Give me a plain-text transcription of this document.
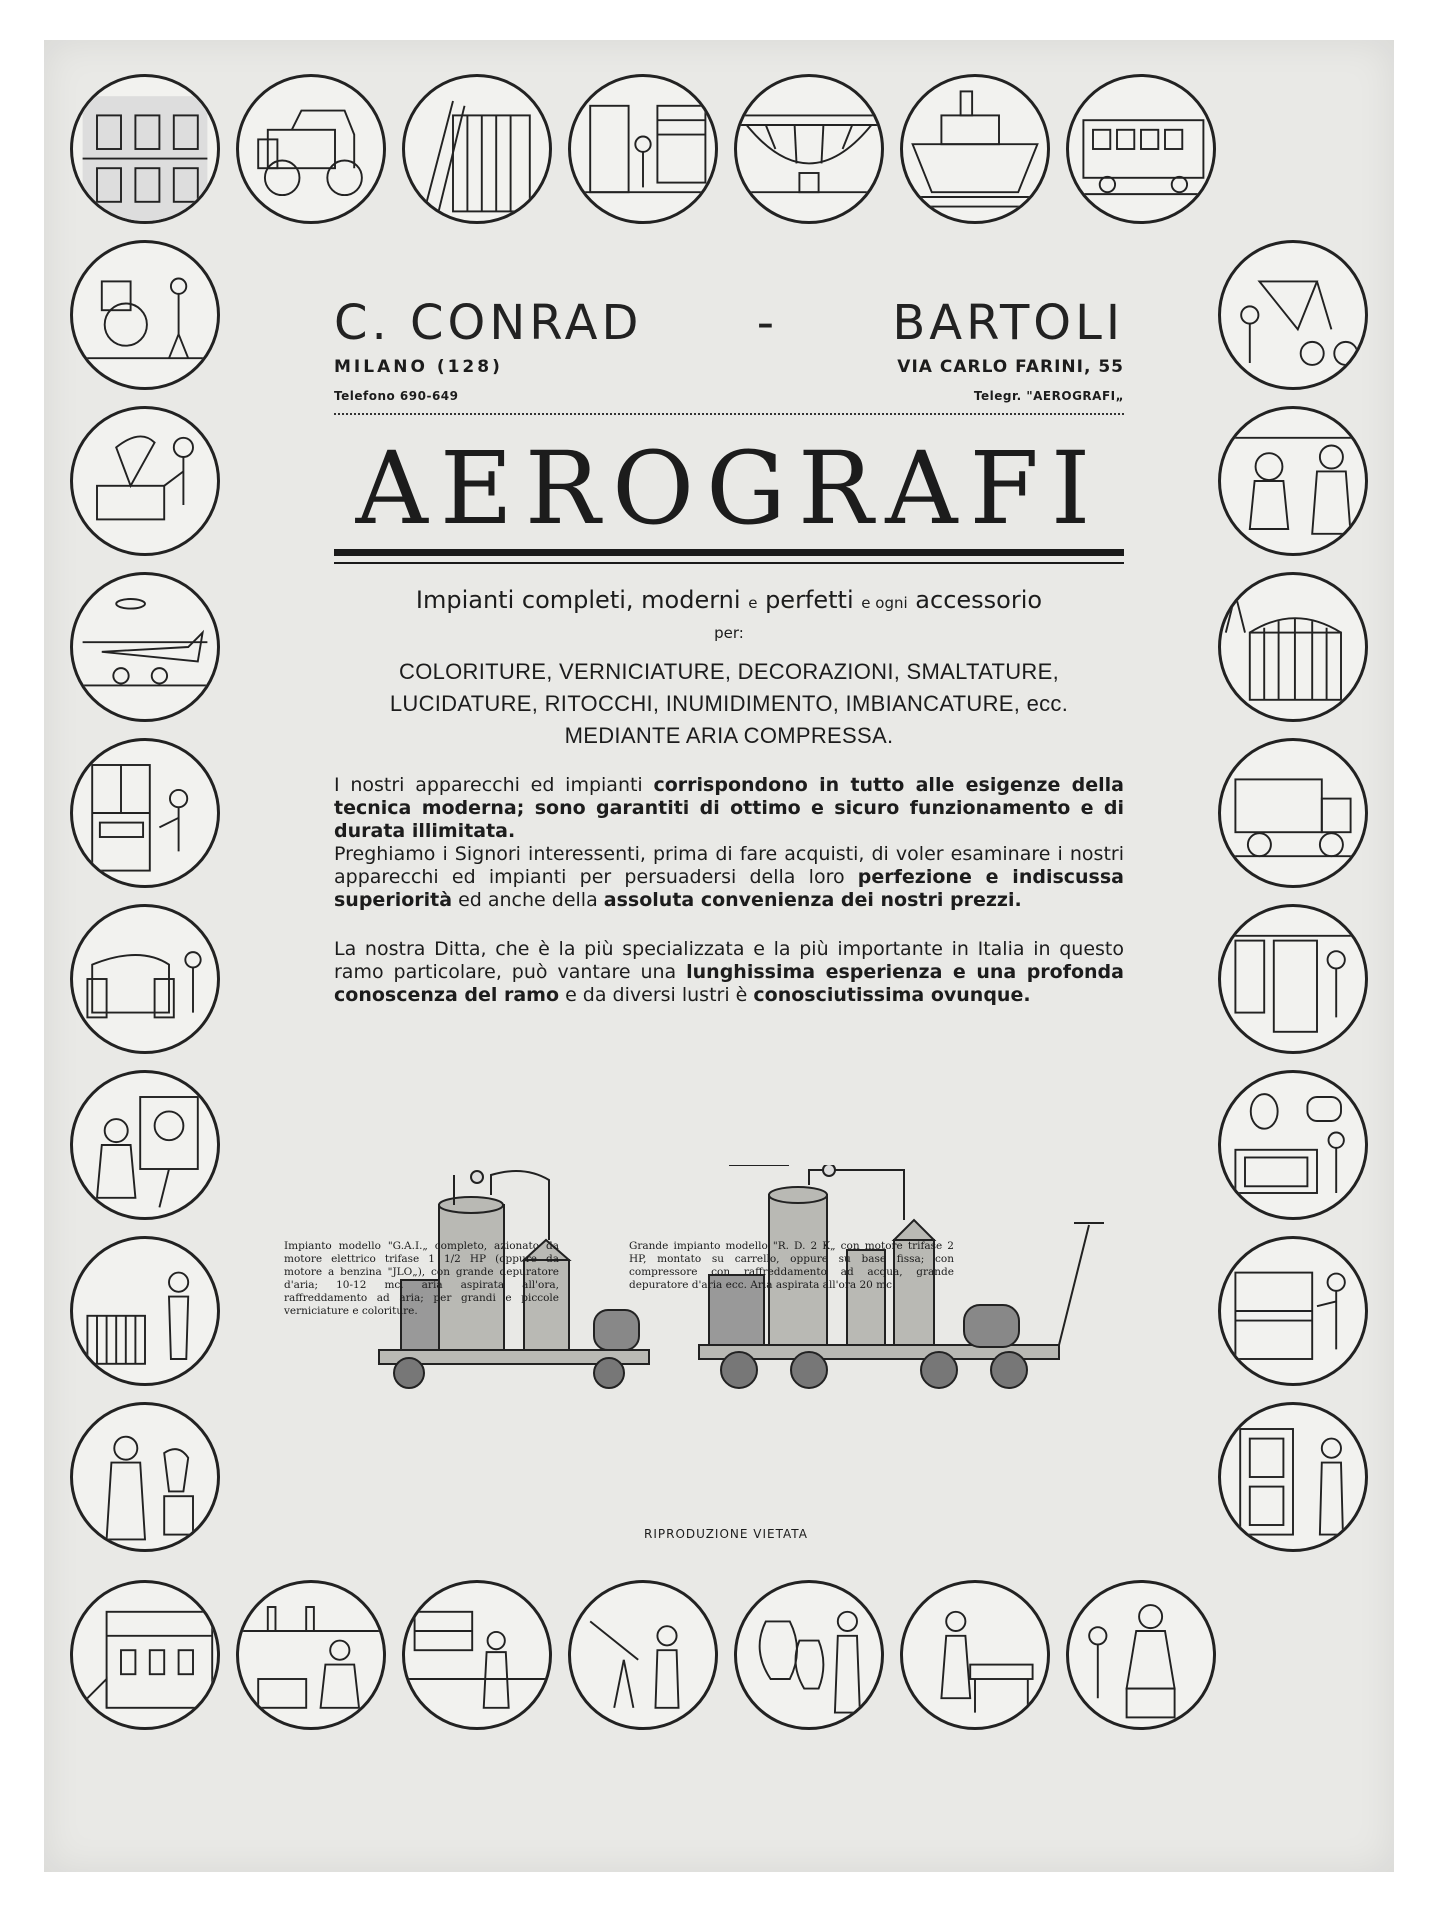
C. CONRAD - BARTOLI
MILANO (128)	VIA CARLO FARINI, 55
Telefono 690-649	Telegr. "AEROGRAFI„
AEROGRAFI
Impianti completi, moderni e perfetti e ogni accessorio
per:
COLORITURE, VERNICIATURE, DECORAZIONI, SMALTATURE,
LUCIDATURE, RITOCCHI, INUMIDIMENTO, IMBIANCATURE, ecc.
MEDIANTE ARIA COMPRESSA.
I nostri apparecchi ed impianti corrispondono in tutto alle esigenze della tecnica moderna; sono garantiti di ottimo e sicuro funzionamento e di durata illimitata.
Preghiamo i Signori interessenti, prima di fare acquisti, di voler esaminare i nostri apparecchi ed impianti per persuadersi della loro perfezione e indiscussa superiorità ed anche della assoluta convenienza dei nostri prezzi.
La nostra Ditta, che è la più specializzata e la più importante in Italia in questo ramo particolare, può vantare una lunghissima esperienza e una profonda conoscenza del ramo e da diversi lustri è conosciutissima ovunque.
Impianto modello "G.A.I.„ completo, azionato da motore elettrico trifase 1 1/2 HP (oppure da motore a benzina "JLO„), con grande depuratore d'aria; 10-12 mc. aria aspirata all'ora, raffreddamento ad aria; per grandi e piccole verniciature e coloriture.
Grande impianto modello "R. D. 2 K„ con motore trifase 2 HP, montato su carrello, oppure su base fissa; con compressore con raffreddamento ad acqua, grande depuratore d'aria ecc. Aria aspirata all'ora 20 mc.
RIPRODUZIONE VIETATA
